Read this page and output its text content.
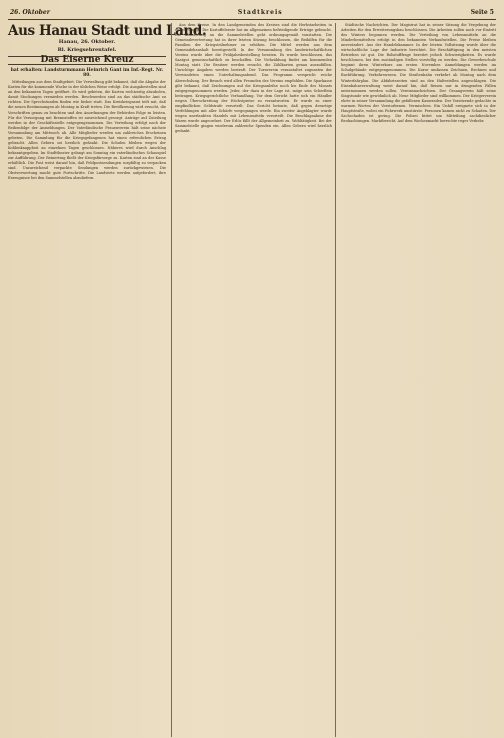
26. Oktober	Stadtkreis	Seite 5
Aus Hanau Stadt und Land.
Hanau, 26. Oktober.
Rl. Kriegsehrentafel.
Das Eiserne Kreuz
hat erhalten: Landsturmmann Heinrich Gant im Inf.-Regt. Nr. 80.

Mitteilungen aus dem Stadtgebiet. Die Verwaltung gibt bekannt, daß die Abgabe der Karten für die kommende Woche in der üblichen Weise erfolgt. Die Ausgabestellen sind an den bekannten Tagen geöffnet. Es wird gebeten, die Karten rechtzeitig abzuholen, damit Stockungen vermieden werden. Beschwerden sind an das städtische Amt zu richten. Die Sprechstunden finden wie bisher statt. Das Kreiskriegsamt teilt mit, daß die neuen Bestimmungen ab Montag in Kraft treten. Die Bevölkerung wird ersucht, die Vorschriften genau zu beachten und den Anordnungen der Behörden Folge zu leisten. Für die Versorgung mit Brennstoffen ist ausreichend gesorgt. Anträge auf Zuteilung werden in der Geschäftsstelle entgegengenommen. Die Verteilung erfolgt nach der Reihenfolge der Anmeldungen. Der Vaterländische Frauenverein hält seine nächste Versammlung am Mittwoch ab. Alle Mitglieder werden um zahlreiches Erscheinen gebeten. Die Sammlung für die Kriegsgefangenen hat einen erfreulichen Ertrag gebracht. Allen Gebern sei herzlich gedankt. Die Schulen bleiben wegen der Kohlenknappheit an einzelnen Tagen geschlossen. Näheres wird durch Anschlag bekanntgegeben. Im Stadttheater gelangt am Sonntag ein vaterländisches Schauspiel zur Aufführung. Der Reinertrag fließt der Kriegsfürsorge zu. Karten sind an der Kasse erhältlich. Die Post weist darauf hin, daß Feldpostsendungen sorgfältig zu verpacken sind. Unzureichend verpackte Sendungen werden zurückgewiesen. Die Obstverwertung macht gute Fortschritte. Die Landwirte werden aufgefordert, ihre Erzeugnisse bei den Sammelstellen abzuliefern.

Aus dem Kreise. In den Landgemeinden des Kreises sind die Herbstarbeiten in vollem Gange. Die Kartoffelernte hat im allgemeinen befriedigende Erträge gebracht. Die Ablieferung an die Sammelstellen geht ordnungsgemäß vonstatten. Die Gemeindevertretung hat in ihrer letzten Sitzung beschlossen, die Beihilfen für die Familien der Kriegsteilnehmer zu erhöhen. Die Mittel werden aus dem Gemeindehaushalt bereitgestellt. In der Versammlung des landwirtschaftlichen Vereins wurde über die Frühjahrsbestellung beraten. Es wurde beschlossen, das Saatgut gemeinschaftlich zu beschaffen. Die Viehzählung findet am kommenden Montag statt. Die Besitzer werden ersucht, die Zählkarten genau auszufüllen. Unrichtige Angaben werden bestraft. Der Turnverein veranstaltet zugunsten der Verwundeten einen Unterhaltungsabend. Das Programm verspricht reiche Abwechslung. Der Besuch wird allen Freunden des Vereins empfohlen. Die Sparkasse gibt bekannt, daß Zeichnungen auf die Kriegsanleihe noch bis Ende des Monats entgegengenommen werden. Jeder, der dazu in der Lage ist, möge sein Scherflein beitragen. Kriegsgerichtliche Verhandlung. Vor dem Gericht hatte sich ein Händler wegen Überschreitung der Höchstpreise zu verantworten. Er wurde zu einer empfindlichen Geldstrafe verurteilt. Das Gericht betonte, daß gegen derartige Verfehlungen mit aller Schärfe vorgegangen werde. Ein zweiter Angeklagter wurde wegen unerlaubten Handels mit Lebensmitteln verurteilt. Die Beschlagnahme der Waren wurde angeordnet. Der Erlös fällt der Allgemeinheit zu. Wohltätigkeit. Bei der Sammelstelle gingen wiederum zahlreiche Spenden ein. Allen Gebern wird herzlich gedankt.

Städtische Nachrichten. Der Magistrat hat in seiner Sitzung die Vergebung der Arbeiten für den Erweiterungsbau beschlossen. Die Arbeiten sollen noch vor Eintritt des Winters begonnen werden. Die Verteilung von Lebensmitteln an die Minderbemittelten erfolgt in den bekannten Verkaufsstellen. Die Preise bleiben unverändert. Aus der Handelskammer. In der letzten Vollsitzung wurde über die wirtschaftliche Lage der Industrie berichtet. Die Beschäftigung in den meisten Betrieben ist gut. Die Rohstofffrage bereitet jedoch Schwierigkeiten. Es wurde beschlossen, bei den zuständigen Stellen vorstellig zu werden. Die Gewerbeschule beginnt ihren Winterkurs am ersten November. Anmeldungen werden im Schulgebäude entgegengenommen. Die Kurse umfassen Zeichnen, Rechnen und Buchführung. Verkehrswesen. Die Straßenbahn verkehrt ab Montag nach dem Winterfahrplan. Die Abfahrtszeiten sind an den Haltestellen angeschlagen. Die Eisenbahnverwaltung weist darauf hin, daß Reisen nur in dringenden Fällen unternommen werden sollen. Vereinsnachrichten. Der Gesangverein hält seine Singstunde wie gewöhnlich ab. Neue Mitglieder sind willkommen. Der Kriegerverein ehrte in seiner Versammlung die gefallenen Kameraden. Der Vorsitzende gedachte in warmen Worten der Verstorbenen. Vermischtes. Ein Unfall ereignete sich in der Hauptstraße, wobei ein Fuhrwerk umstürzte. Personen kamen nicht zu Schaden. Der Sachschaden ist gering. Die Polizei bittet um Mitteilung sachdienlicher Beobachtungen. Marktbericht. Auf dem Wochenmarkt herrschte reger Verkehr.
